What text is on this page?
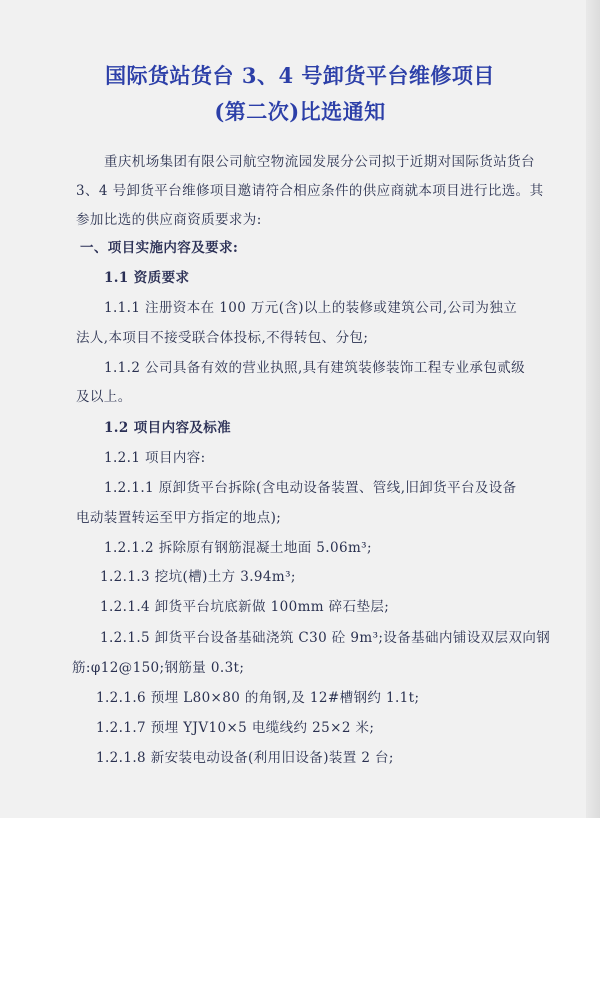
国际货站货台 3、4 号卸货平台维修项目
(第二次)比选通知
重庆机场集团有限公司航空物流园发展分公司拟于近期对国际货站货台
3、4 号卸货平台维修项目邀请符合相应条件的供应商就本项目进行比选。其
参加比选的供应商资质要求为:
一、项目实施内容及要求:
1.1 资质要求
1.1.1 注册资本在 100 万元(含)以上的装修或建筑公司,公司为独立
法人,本项目不接受联合体投标,不得转包、分包;
1.1.2 公司具备有效的营业执照,具有建筑装修装饰工程专业承包贰级
及以上。
1.2 项目内容及标准
1.2.1 项目内容:
1.2.1.1 原卸货平台拆除(含电动设备装置、管线,旧卸货平台及设备
电动装置转运至甲方指定的地点);
1.2.1.2 拆除原有钢筋混凝土地面 5.06m³;
1.2.1.3 挖坑(槽)土方 3.94m³;
1.2.1.4 卸货平台坑底新做 100mm 碎石垫层;
1.2.1.5 卸货平台设备基础浇筑 C30 砼 9m³;设备基础内铺设双层双向钢
筋:φ12@150;钢筋量 0.3t;
1.2.1.6 预埋 L80×80 的角钢,及 12#槽钢约 1.1t;
1.2.1.7 预埋 YJV10×5 电缆线约 25×2 米;
1.2.1.8 新安装电动设备(利用旧设备)装置 2 台;
